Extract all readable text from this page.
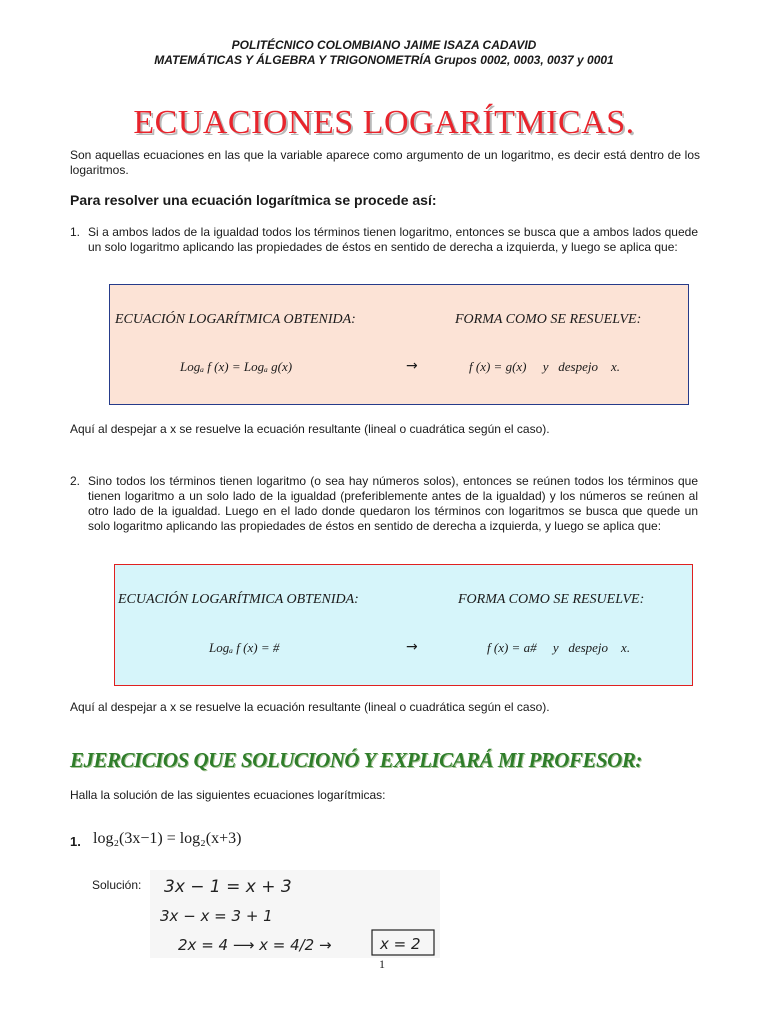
POLITÉCNICO COLOMBIANO JAIME ISAZA CADAVID
MATEMÁTICAS Y ÁLGEBRA Y TRIGONOMETRÍA Grupos 0002, 0003, 0037 y 0001
ECUACIONES LOGARÍTMICAS.
Son aquellas ecuaciones en las que la variable aparece como argumento de un logaritmo, es decir está dentro de los logaritmos.
Para resolver una ecuación logarítmica se procede así:
1. Si a ambos lados de la igualdad todos los términos tienen logaritmo, entonces se busca que a ambos lados quede un solo logaritmo aplicando las propiedades de éstos en sentido de derecha a izquierda, y luego se aplica que:
ECUACIÓN LOGARÍTMICA OBTENIDA:	FORMA COMO SE RESUELVE:
Logₐ f (x) = Logₐ g(x)	→	f (x) = g(x)     y   despejo    x.
Aquí al despejar a x se resuelve la ecuación resultante (lineal o cuadrática según el caso).
2. Sino todos los términos tienen logaritmo (o sea hay números solos), entonces se reúnen todos los términos que tienen logaritmo a un solo lado de la igualdad (preferiblemente antes de la igualdad) y los números se reúnen al otro lado de la igualdad. Luego en el lado donde quedaron los términos con logaritmos se busca que quede un solo logaritmo aplicando las propiedades de éstos en sentido de derecha a izquierda, y luego se aplica que:
ECUACIÓN LOGARÍTMICA OBTENIDA:	FORMA COMO SE RESUELVE:
Logₐ f (x) = #	→	f (x) = a#     y   despejo    x.
Aquí al despejar a x se resuelve la ecuación resultante (lineal o cuadrática según el caso).
EJERCICIOS QUE SOLUCIONÓ Y EXPLICARÁ MI PROFESOR:
Halla la solución de las siguientes ecuaciones logarítmicas:
1. log₂(3x−1) = log₂(x+3)
Solución: 3x − 1 = x + 3
3x − x = 3 + 1
2x = 4 ⟶ x = 4/2 →	x = 2
1
